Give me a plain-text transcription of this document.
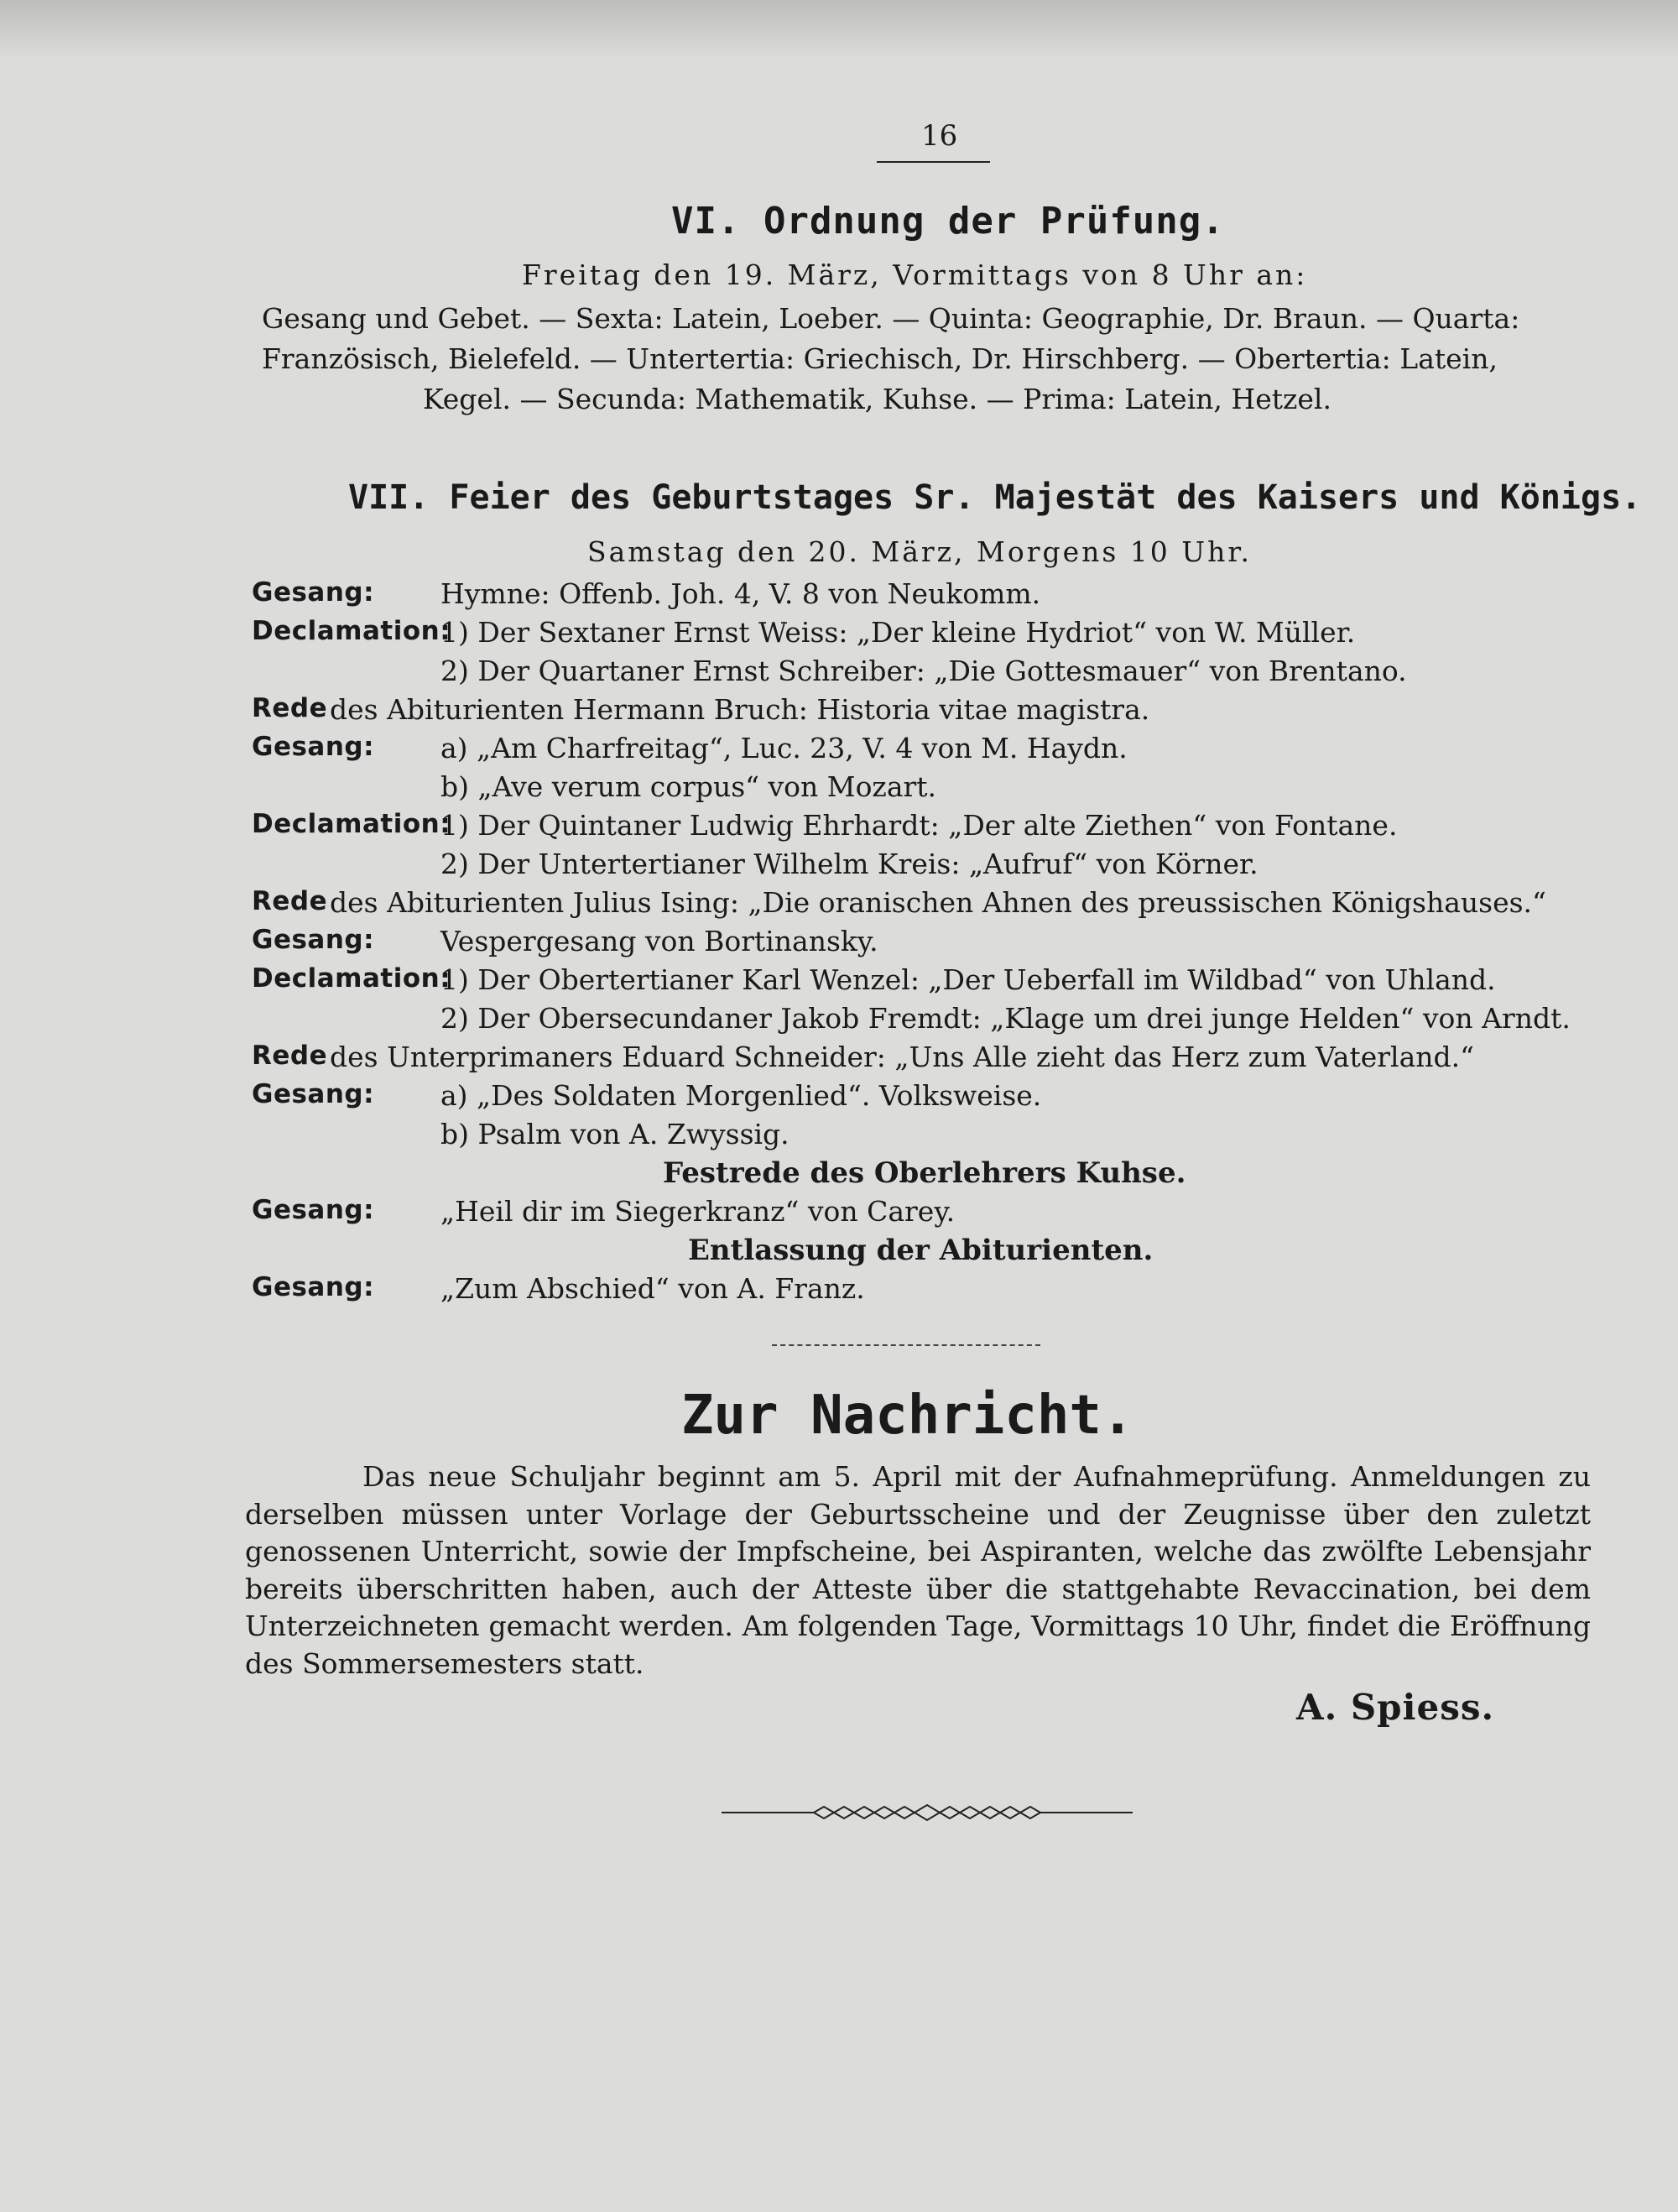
16
VI. Ordnung der Prüfung.
Freitag den 19. März, Vormittags von 8 Uhr an:
Gesang und Gebet. — Sexta: Latein, Loeber. — Quinta: Geographie, Dr. Braun. — Quarta:
Französisch, Bielefeld. — Untertertia: Griechisch, Dr. Hirschberg. — Obertertia: Latein,
Kegel. — Secunda: Mathematik, Kuhse. — Prima: Latein, Hetzel.
VII. Feier des Geburtstages Sr. Majestät des Kaisers und Königs.
Samstag den 20. März, Morgens 10 Uhr.
Gesang: Hymne: Offenb. Joh. 4, V. 8 von Neukomm.
Declamation:
1) Der Sextaner Ernst Weiss: „Der kleine Hydriot“ von W. Müller.
2) Der Quartaner Ernst Schreiber: „Die Gottesmauer“ von Brentano.
Rede des Abiturienten Hermann Bruch: Historia vitae magistra.
Gesang: a) „Am Charfreitag“, Luc. 23, V. 4 von M. Haydn.
b) „Ave verum corpus“ von Mozart.
Declamation:
1) Der Quintaner Ludwig Ehrhardt: „Der alte Ziethen“ von Fontane.
2) Der Untertertianer Wilhelm Kreis: „Aufruf“ von Körner.
Rede des Abiturienten Julius Ising: „Die oranischen Ahnen des preussischen Königshauses.“
Gesang: Vespergesang von Bortinansky.
Declamation:
1) Der Obertertianer Karl Wenzel: „Der Ueberfall im Wildbad“ von Uhland.
2) Der Obersecundaner Jakob Fremdt: „Klage um drei junge Helden“ von Arndt.
Rede des Unterprimaners Eduard Schneider: „Uns Alle zieht das Herz zum Vaterland.“
Gesang: a) „Des Soldaten Morgenlied“. Volksweise.
b) Psalm von A. Zwyssig.
Festrede des Oberlehrers Kuhse.
Gesang: „Heil dir im Siegerkranz“ von Carey.
Entlassung der Abiturienten.
Gesang: „Zum Abschied“ von A. Franz.
Zur Nachricht.

Das neue Schuljahr beginnt am 5. April mit der Aufnahmeprüfung. Anmeldungen zu derselben müssen unter Vorlage der Geburtsscheine und der Zeugnisse über den zuletzt genossenen Unterricht, sowie der Impfscheine, bei Aspiranten, welche das zwölfte Lebensjahr bereits überschritten haben, auch der Atteste über die stattgehabte Revaccination, bei dem Unterzeichneten gemacht werden. Am folgenden Tage, Vormittags 10 Uhr, findet die Eröffnung des Sommersemesters statt.

A. Spiess.
